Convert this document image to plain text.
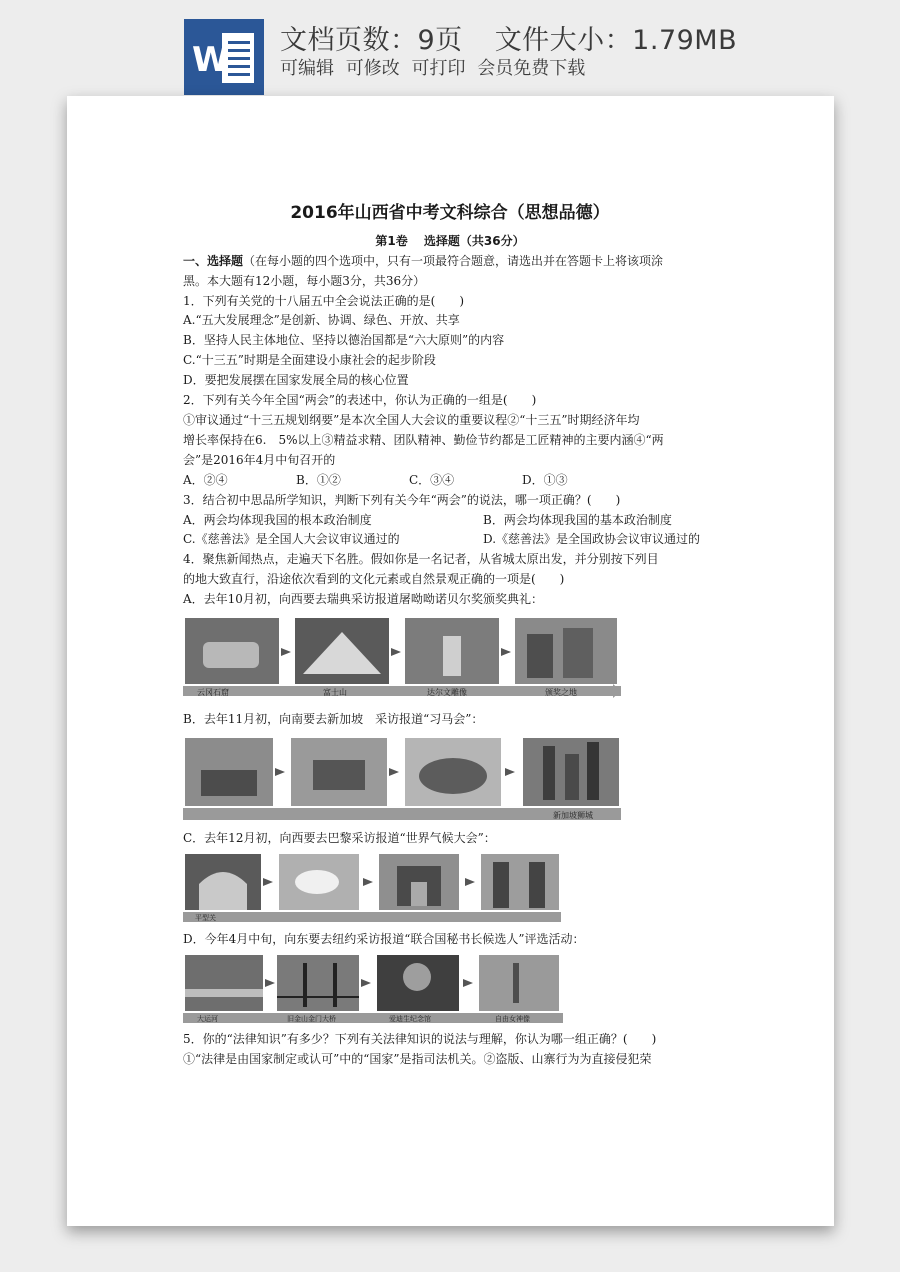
W 文档页数：9页 文件大小：1.79MB
可编辑 可修改 可打印 会员免费下载
2016年山西省中考文科综合（思想品德）
第1卷　 选择题（共36分）
一、选择题（在每小题的四个选项中，只有一项最符合题意，请选出并在答题卡上将该项涂
黑。本大题有12小题，每小题3分，共36分）
1．下列有关党的十八届五中全会说法正确的是(　　)
A.“五大发展理念”是创新、协调、绿色、开放、共享
B．坚持人民主体地位、坚持以德治国都是“六大原则”的内容
C.“十三五”时期是全面建设小康社会的起步阶段
D．要把发展摆在国家发展全局的核心位置
2．下列有关今年全国“两会”的表述中，你认为正确的一组是(　　)
①审议通过“十三五规划纲要”是本次全国人大会议的重要议程②“十三五”时期经济年均
增长率保持在6.　5%以上③精益求精、团队精神、勤俭节约都是工匠精神的主要内涵④“两
会”是2016年4月中旬召开的
A．②④	B．①②	C．③④	D．①③
3．结合初中思品所学知识，判断下列有关今年“两会”的说法，哪一项正确？(　　)
A．两会均体现我国的根本政治制度	B．两会均体现我国的基本政治制度
C.《慈善法》是全国人大会议审议通过的	D.《慈善法》是全国政协会议审议通过的
4．聚焦新闻热点，走遍天下名胜。假如你是一名记者，从省城太原出发，并分别按下列目
的地大致直行，沿途依次看到的文化元素或自然景观正确的一项是(　　)
A．去年10月初，向西要去瑞典采访报道屠呦呦诺贝尔奖颁奖典礼：
云冈石窟	富士山	达尔文雕像	颁奖之地
B．去年11月初，向南要去新加坡　采访报道“习马会”：
新加坡狮城
C．去年12月初，向西要去巴黎采访报道“世界气候大会”：
平型关
D．今年4月中旬，向东要去纽约采访报道“联合国秘书长候选人”评选活动：
大运河	旧金山金门大桥	爱迪生纪念馆	自由女神像
5．你的“法律知识”有多少？下列有关法律知识的说法与理解，你认为哪一组正确？(　　)
①“法律是由国家制定或认可”中的“国家”是指司法机关。②盗版、山寨行为为直接侵犯荣
